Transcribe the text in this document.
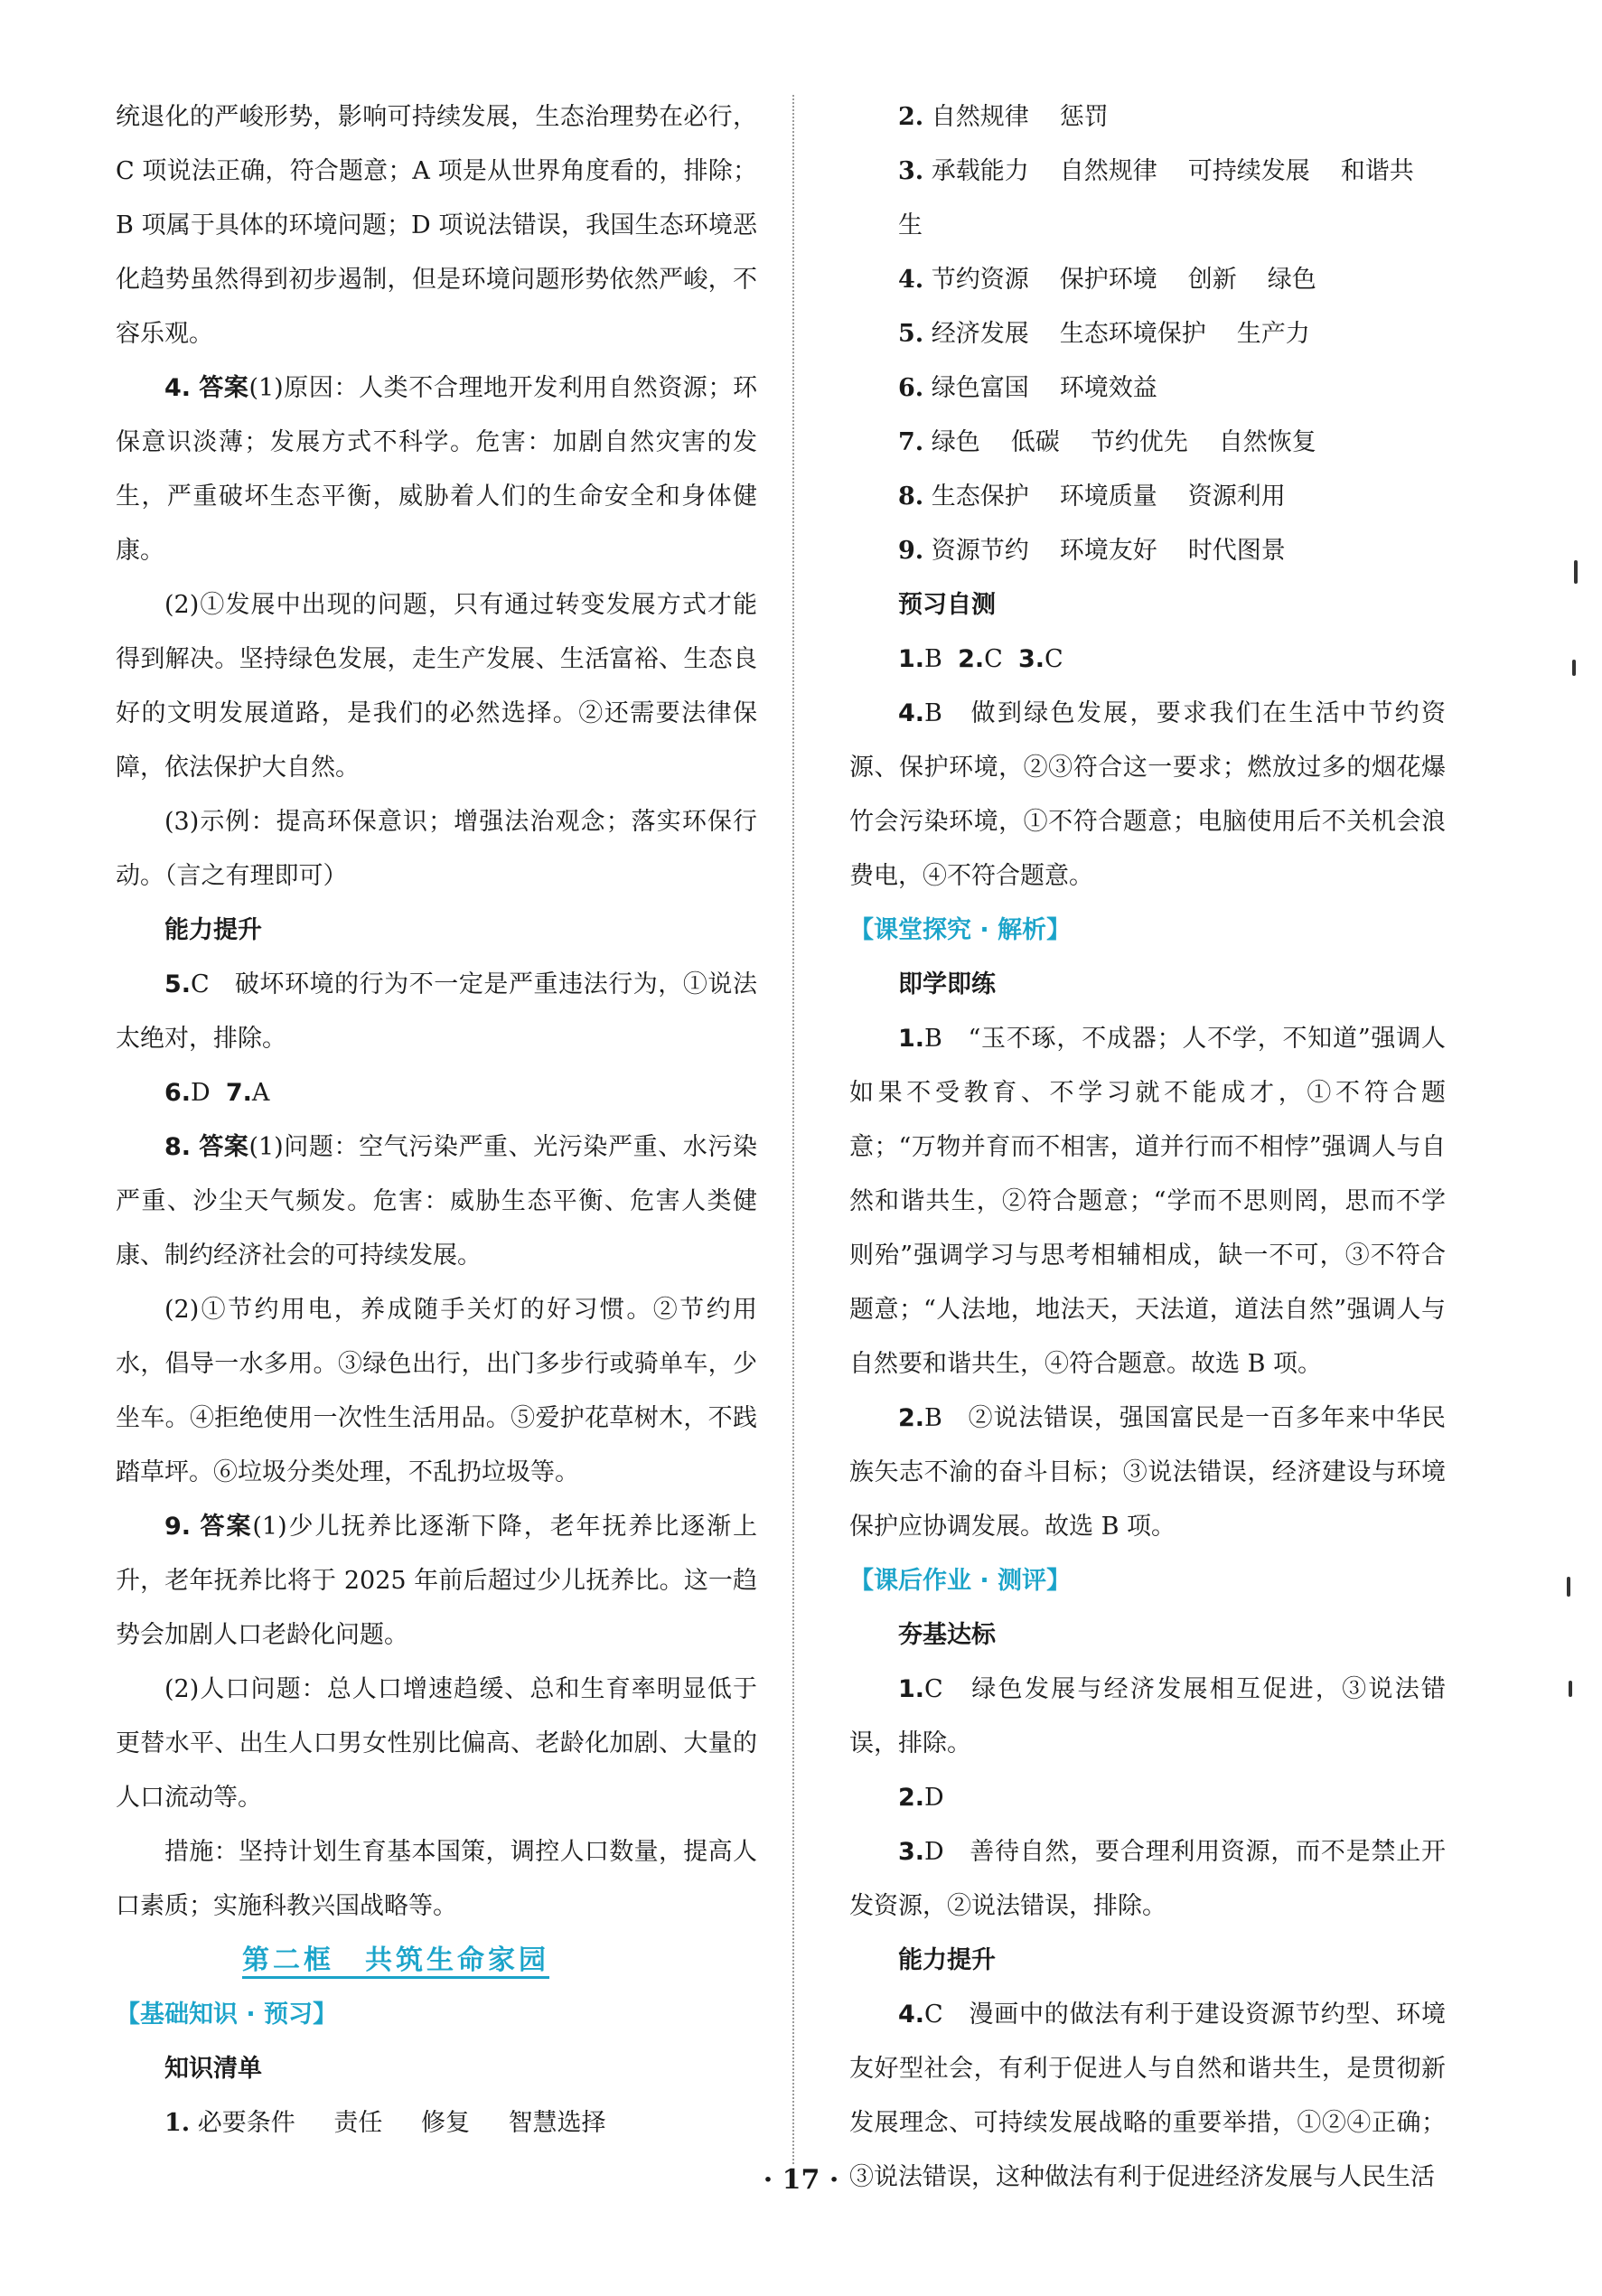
统退化的严峻形势，影响可持续发展，生态治理势在必行，C 项说法正确，符合题意；A 项是从世界角度看的，排除；B 项属于具体的环境问题；D 项说法错误，我国生态环境恶化趋势虽然得到初步遏制，但是环境问题形势依然严峻，不容乐观。

4. 答案(1)原因：人类不合理地开发利用自然资源；环保意识淡薄；发展方式不科学。危害：加剧自然灾害的发生，严重破坏生态平衡，威胁着人们的生命安全和身体健康。

(2)①发展中出现的问题，只有通过转变发展方式才能得到解决。坚持绿色发展，走生产发展、生活富裕、生态良好的文明发展道路，是我们的必然选择。②还需要法律保障，依法保护大自然。

(3)示例：提高环保意识；增强法治观念；落实环保行动。（言之有理即可）

能力提升

5.C　破坏环境的行为不一定是严重违法行为，①说法太绝对，排除。

6.D 7.A

8. 答案(1)问题：空气污染严重、光污染严重、水污染严重、沙尘天气频发。危害：威胁生态平衡、危害人类健康、制约经济社会的可持续发展。

(2)①节约用电，养成随手关灯的好习惯。②节约用水，倡导一水多用。③绿色出行，出门多步行或骑单车，少坐车。④拒绝使用一次性生活用品。⑤爱护花草树木，不践踏草坪。⑥垃圾分类处理，不乱扔垃圾等。

9. 答案(1)少儿抚养比逐渐下降，老年抚养比逐渐上升，老年抚养比将于 2025 年前后超过少儿抚养比。这一趋势会加剧人口老龄化问题。

(2)人口问题：总人口增速趋缓、总和生育率明显低于更替水平、出生人口男女性别比偏高、老龄化加剧、大量的人口流动等。

措施：坚持计划生育基本国策，调控人口数量，提高人口素质；实施科教兴国战略等。

第二框　共筑生命家园
【基础知识 · 预习】

知识清单

1. 必要条件 责任 修复 智慧选择

2. 自然规律 惩罚

3. 承载能力 自然规律 可持续发展 和谐共生

4. 节约资源 保护环境 创新 绿色

5. 经济发展 生态环境保护 生产力

6. 绿色富国 环境效益

7. 绿色 低碳 节约优先 自然恢复

8. 生态保护 环境质量 资源利用

9. 资源节约 环境友好 时代图景

预习自测

1.B 2.C 3.C

4.B　做到绿色发展，要求我们在生活中节约资源、保护环境，②③符合这一要求；燃放过多的烟花爆竹会污染环境，①不符合题意；电脑使用后不关机会浪费电，④不符合题意。

【课堂探究 · 解析】

即学即练

1.B　“玉不琢，不成器；人不学，不知道”强调人如果不受教育、不学习就不能成才，①不符合题意；“万物并育而不相害，道并行而不相悖”强调人与自然和谐共生，②符合题意；“学而不思则罔，思而不学则殆”强调学习与思考相辅相成，缺一不可，③不符合题意；“人法地，地法天，天法道，道法自然”强调人与自然要和谐共生，④符合题意。故选 B 项。

2.B　②说法错误，强国富民是一百多年来中华民族矢志不渝的奋斗目标；③说法错误，经济建设与环境保护应协调发展。故选 B 项。

【课后作业 · 测评】

夯基达标

1.C　绿色发展与经济发展相互促进，③说法错误，排除。

2.D

3.D　善待自然，要合理利用资源，而不是禁止开发资源，②说法错误，排除。

能力提升

4.C　漫画中的做法有利于建设资源节约型、环境友好型社会，有利于促进人与自然和谐共生，是贯彻新发展理念、可持续发展战略的重要举措，①②④正确；③说法错误，这种做法有利于促进经济发展与人民生活

· 17 ·
